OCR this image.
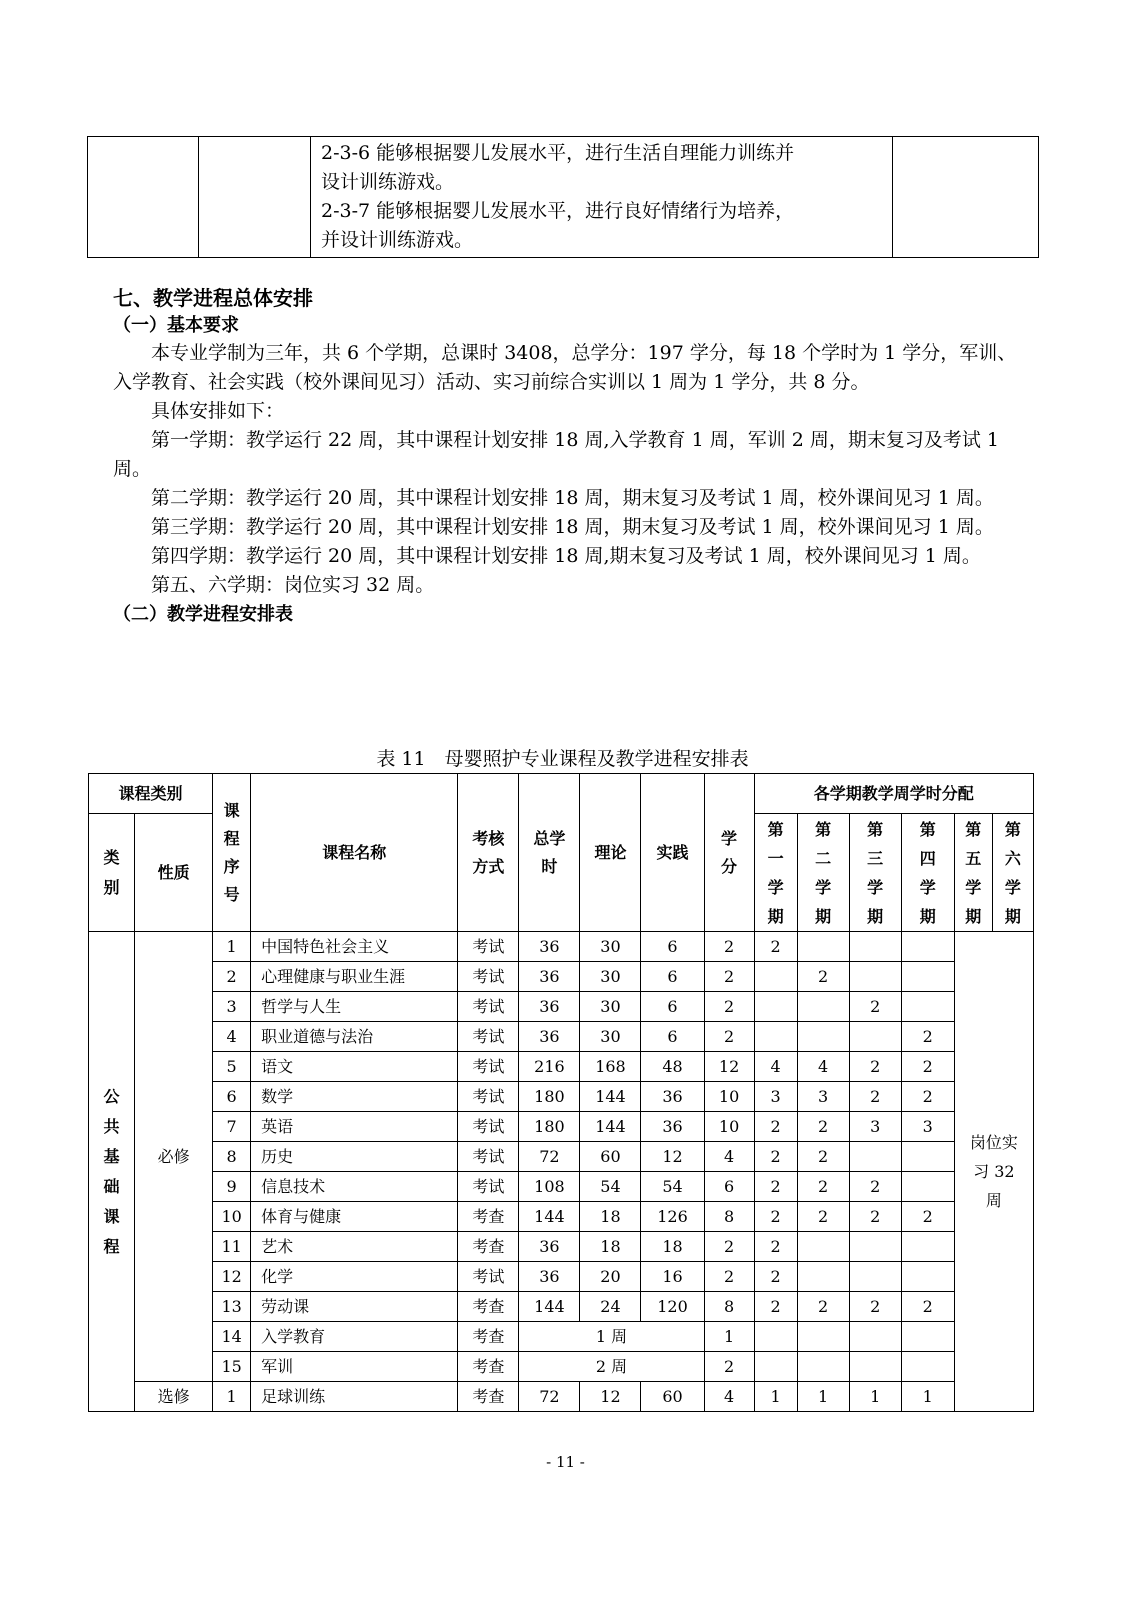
2-3-6 能够根据婴儿发展水平，进行生活自理能力训练并
设计训练游戏。
2-3-7 能够根据婴儿发展水平，进行良好情绪行为培养，
并设计训练游戏。

七、教学进程总体安排
（一）基本要求

本专业学制为三年，共 6 个学期，总课时 3408，总学分：197 学分，每 18 个学时为 1 学分，军训、入学教育、社会实践（校外课间见习）活动、实习前综合实训以 1 周为 1 学分，共 8 分。

具体安排如下：

第一学期：教学运行 22 周，其中课程计划安排 18 周,入学教育 1 周，军训 2 周，期末复习及考试 1 周。

第二学期：教学运行 20 周，其中课程计划安排 18 周，期末复习及考试 1 周，校外课间见习 1 周。

第三学期：教学运行 20 周，其中课程计划安排 18 周，期末复习及考试 1 周，校外课间见习 1 周。

第四学期：教学运行 20 周，其中课程计划安排 18 周,期末复习及考试 1 周，校外课间见习 1 周。

第五、六学期：岗位实习 32 周。

（二）教学进程安排表
表 11　母婴照护专业课程及教学进程安排表
课程类别		课程序号	课程名称	考核方式	总学时	理论	实践	学分	各学期教学周学时分配					
类别	性质								第一学期	第二学期	第三学期	第四学期	第五学期	第六学期
公共基础课程	必修	1	中国特色社会主义	考试	36	30	6	2	2				岗位实习 32 周	
		2	心理健康与职业生涯	考试	36	30	6	2		2				
		3	哲学与人生	考试	36	30	6	2			2			
		4	职业道德与法治	考试	36	30	6	2				2		
		5	语文	考试	216	168	48	12	4	4	2	2		
		6	数学	考试	180	144	36	10	3	3	2	2		
		7	英语	考试	180	144	36	10	2	2	3	3		
		8	历史	考试	72	60	12	4	2	2				
		9	信息技术	考试	108	54	54	6	2	2	2			
		10	体育与健康	考查	144	18	126	8	2	2	2	2		
		11	艺术	考查	36	18	18	2	2					
		12	化学	考试	36	20	16	2	2					
		13	劳动课	考查	144	24	120	8	2	2	2	2		
		14	入学教育	考查	1 周			1						
		15	军训	考查	2 周			2						
	选修	1	足球训练	考查	72	12	60	4	1	1	1	1		
- 11 -
